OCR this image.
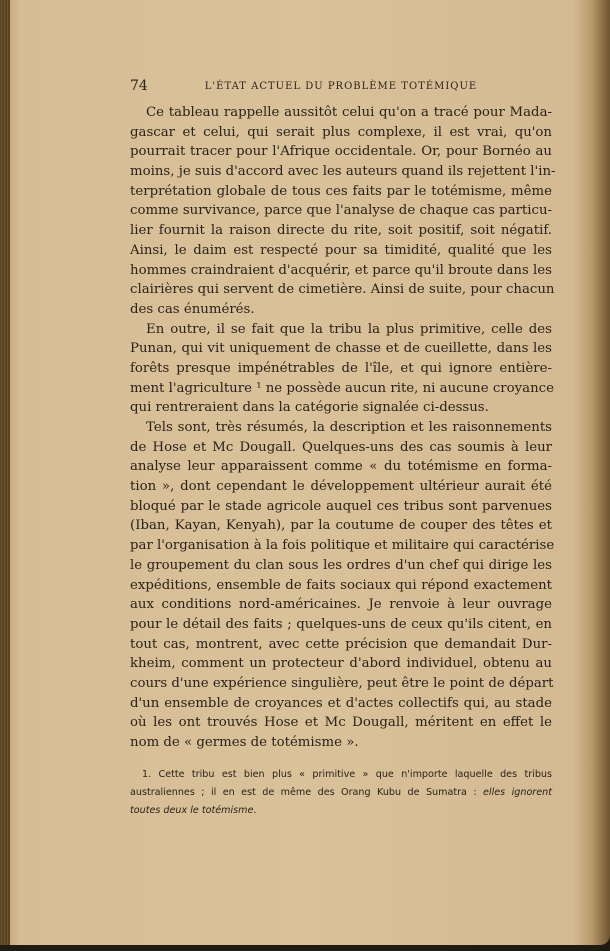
74	L'ÉTAT ACTUEL DU PROBLÈME TOTÉMIQUE
Ce tableau rappelle aussitôt celui qu'on a tracé pour Mada-
gascar et celui, qui serait plus complexe, il est vrai, qu'on
pourrait tracer pour l'Afrique occidentale. Or, pour Bornéo au
moins, je suis d'accord avec les auteurs quand ils rejettent l'in-
terprétation globale de tous ces faits par le totémisme, même
comme survivance, parce que l'analyse de chaque cas particu-
lier fournit la raison directe du rite, soit positif, soit négatif.
Ainsi, le daim est respecté pour sa timidité, qualité que les
hommes craindraient d'acquérir, et parce qu'il broute dans les
clairières qui servent de cimetière. Ainsi de suite, pour chacun
des cas énumérés.
En outre, il se fait que la tribu la plus primitive, celle des
Punan, qui vit uniquement de chasse et de cueillette, dans les
forêts presque impénétrables de l'île, et qui ignore entière-
ment l'agriculture ¹ ne possède aucun rite, ni aucune croyance
qui rentreraient dans la catégorie signalée ci-dessus.
Tels sont, très résumés, la description et les raisonnements
de Hose et Mc Dougall. Quelques-uns des cas soumis à leur
analyse leur apparaissent comme « du totémisme en forma-
tion », dont cependant le développement ultérieur aurait été
bloqué par le stade agricole auquel ces tribus sont parvenues
(Iban, Kayan, Kenyah), par la coutume de couper des têtes et
par l'organisation à la fois politique et militaire qui caractérise
le groupement du clan sous les ordres d'un chef qui dirige les
expéditions, ensemble de faits sociaux qui répond exactement
aux conditions nord-américaines. Je renvoie à leur ouvrage
pour le détail des faits ; quelques-uns de ceux qu'ils citent, en
tout cas, montrent, avec cette précision que demandait Dur-
kheim, comment un protecteur d'abord individuel, obtenu au
cours d'une expérience singulière, peut être le point de départ
d'un ensemble de croyances et d'actes collectifs qui, au stade
où les ont trouvés Hose et Mc Dougall, méritent en effet le
nom de « germes de totémisme ».
1. Cette tribu est bien plus « primitive » que n'importe laquelle des tribus
australiennes ; il en est de même des Orang Kubu de Sumatra : elles ignorent
toutes deux le totémisme.
